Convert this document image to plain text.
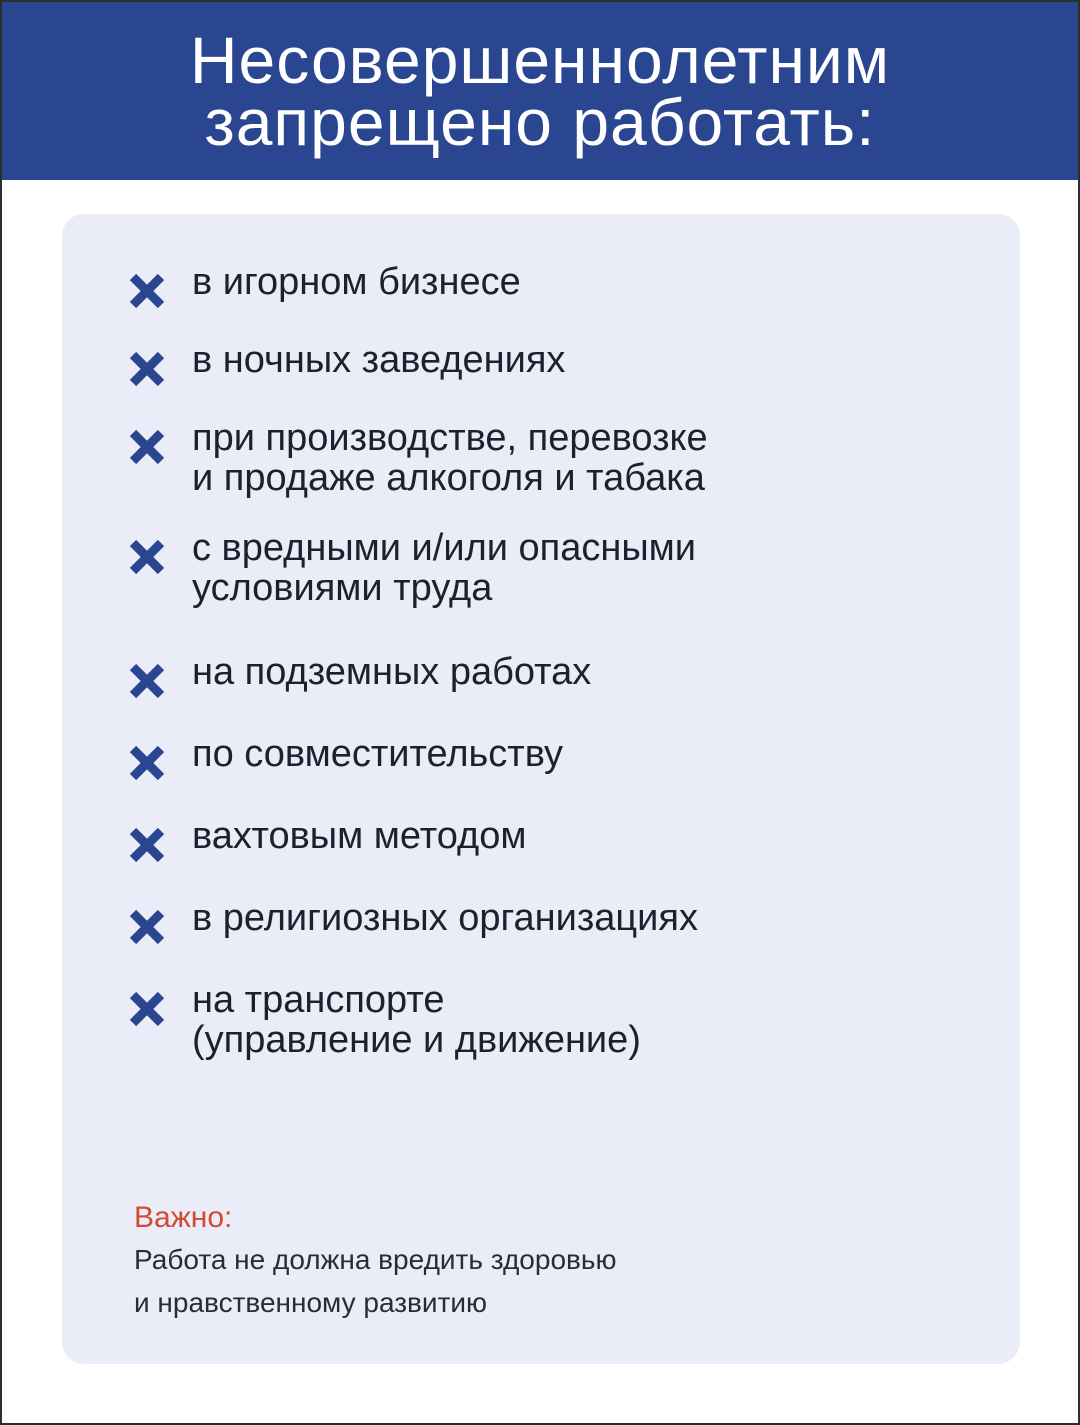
Несовершеннолетним
запрещено работать:
в игорном бизнесе
в ночных заведениях
при производстве, перевозке
и продаже алкоголя и табака
с вредными и/или опасными
условиями труда
на подземных работах
по совместительству
вахтовым методом
в религиозных организациях
на транспорте
(управление и движение)
Важно:
Работа не должна вредить здоровью
и нравственному развитию
